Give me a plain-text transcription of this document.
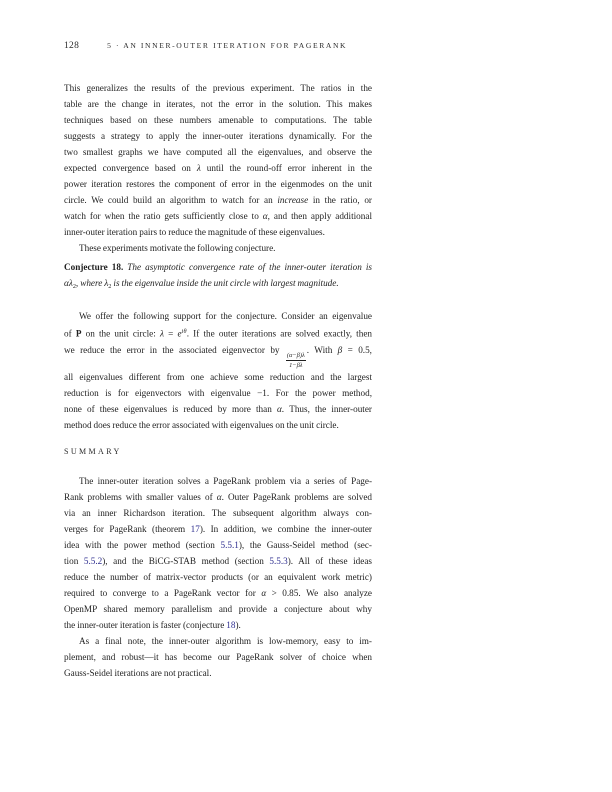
128	5 · AN INNER-OUTER ITERATION FOR PAGERANK
This generalizes the results of the previous experiment. The ratios in the
table are the change in iterates, not the error in the solution. This makes
techniques based on these numbers amenable to computations. The table
suggests a strategy to apply the inner-outer iterations dynamically. For the
two smallest graphs we have computed all the eigenvalues, and observe the
expected convergence based on λ until the round-off error inherent in the
power iteration restores the component of error in the eigenmodes on the unit
circle. We could build an algorithm to watch for an increase in the ratio, or
watch for when the ratio gets sufficiently close to α, and then apply additional
inner-outer iteration pairs to reduce the magnitude of these eigenvalues.
These experiments motivate the following conjecture.
Conjecture 18. The asymptotic convergence rate of the inner-outer iteration is
$\alpha\lambda_2$, where $\lambda_2$ is the eigenvalue inside the unit circle with largest magnitude.
We offer the following support for the conjecture. Consider an eigenvalue
of P on the unit circle: $\lambda = e^{i\theta}$. If the outer iterations are solved exactly, then
we reduce the error in the associated eigenvector by
$\frac{(\alpha-\beta)\lambda}{1-\beta\lambda}$
. With β = 0.5,
all eigenvalues different from one achieve some reduction and the largest
reduction is for eigenvectors with eigenvalue −1. For the power method,
none of these eigenvalues is reduced by more than α. Thus, the inner-outer
method does reduce the error associated with eigenvalues on the unit circle.
SUMMARY
The inner-outer iteration solves a PageRank problem via a series of Page-
Rank problems with smaller values of α. Outer PageRank problems are solved
via an inner Richardson iteration. The subsequent algorithm always con-
verges for PageRank (theorem 17). In addition, we combine the inner-outer
idea with the power method (section 5.5.1), the Gauss-Seidel method (sec-
tion 5.5.2), and the BiCG-STAB method (section 5.5.3). All of these ideas
reduce the number of matrix-vector products (or an equivalent work metric)
required to converge to a PageRank vector for α > 0.85. We also analyze
OpenMP shared memory parallelism and provide a conjecture about why
the inner-outer iteration is faster (conjecture 18).
As a final note, the inner-outer algorithm is low-memory, easy to im-
plement, and robust—it has become our PageRank solver of choice when
Gauss-Seidel iterations are not practical.
